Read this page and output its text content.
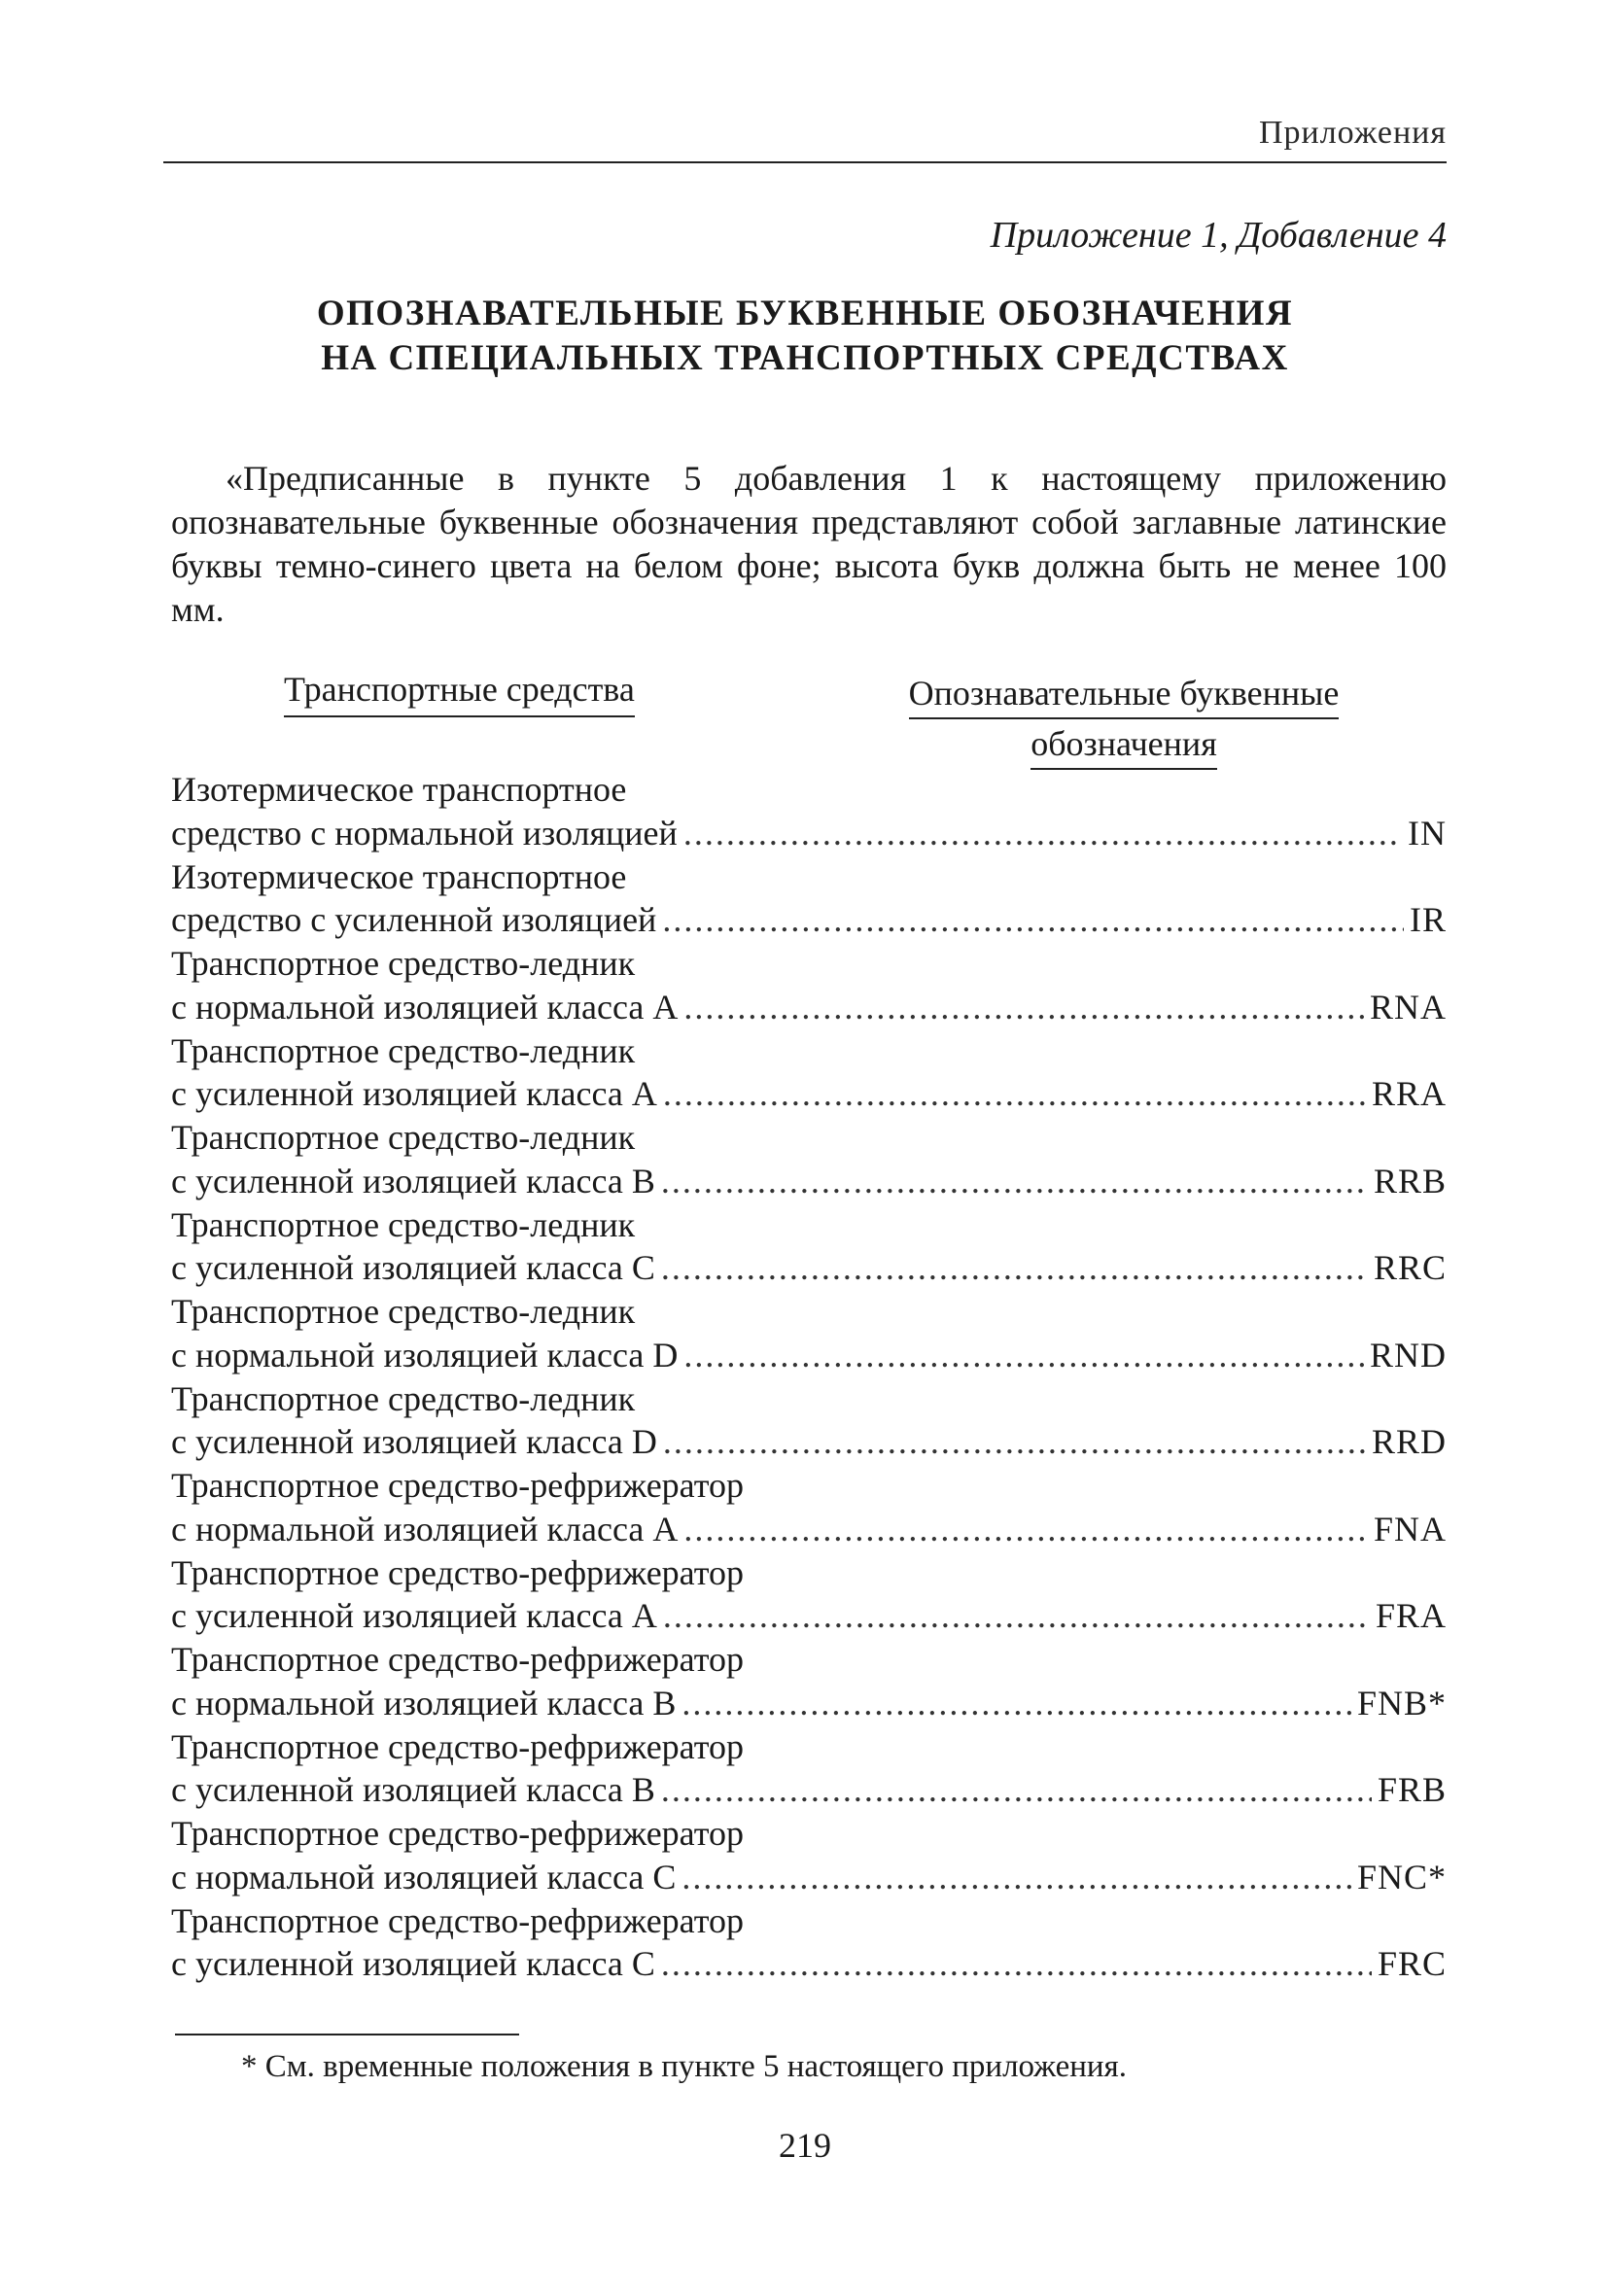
Приложения
Приложение 1, Добавление 4
ОПОЗНАВАТЕЛЬНЫЕ БУКВЕННЫЕ ОБОЗНАЧЕНИЯ
НА СПЕЦИАЛЬНЫХ ТРАНСПОРТНЫХ СРЕДСТВАХ
«Предписанные в пункте 5 добавления 1 к настоящему приложению опознавательные буквенные обозначения представляют собой заглавные латинские буквы темно-синего цвета на белом фоне; высота букв должна быть не менее 100 мм.
Транспортные средства	Опознавательные буквенные
обозначения
Изотермическое транспортное
средство с нормальной изоляцией .....	IN
Изотермическое транспортное
средство с усиленной изоляцией .....	IR
Транспортное средство-ледник
с нормальной изоляцией класса A .....	RNA
Транспортное средство-ледник
с усиленной изоляцией класса A .....	RRA
Транспортное средство-ледник
с усиленной изоляцией класса B .....	RRB
Транспортное средство-ледник
с усиленной изоляцией класса C .....	RRC
Транспортное средство-ледник
с нормальной изоляцией класса D .....	RND
Транспортное средство-ледник
с усиленной изоляцией класса D .....	RRD
Транспортное средство-рефрижератор
с нормальной изоляцией класса A .....	FNA
Транспортное средство-рефрижератор
с усиленной изоляцией класса A .....	FRA
Транспортное средство-рефрижератор
с нормальной изоляцией класса B .....	FNB*
Транспортное средство-рефрижератор
с усиленной изоляцией класса B .....	FRB
Транспортное средство-рефрижератор
с нормальной изоляцией класса C .....	FNC*
Транспортное средство-рефрижератор
с усиленной изоляцией класса C .....	FRC
* См. временные положения в пункте 5 настоящего приложения.
219
